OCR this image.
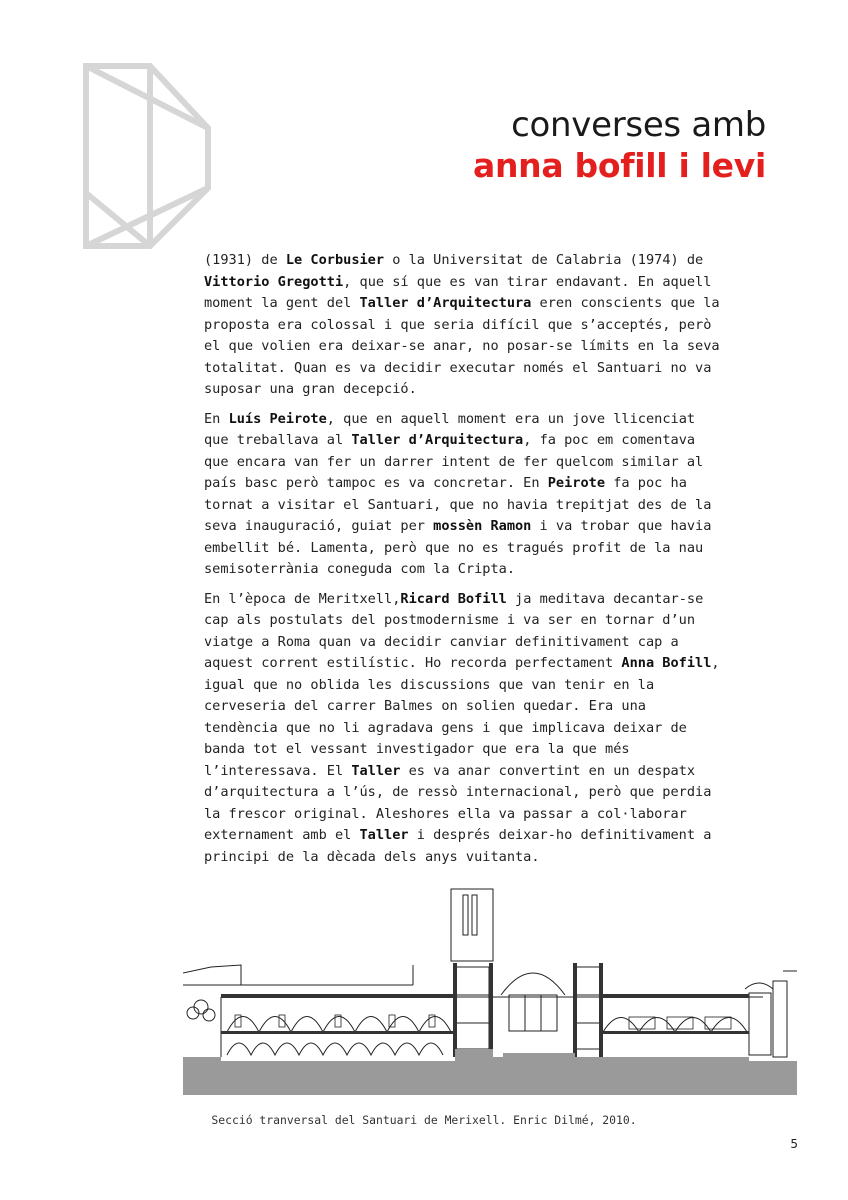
converses amb
anna bofill i levi

(1931) de Le Corbusier o la Universitat de Calabria (1974) de
Vittorio Gregotti, que sí que es van tirar endavant. En aquell
moment la gent del Taller d’Arquitectura eren conscients que la
proposta era colossal i que seria difícil que s’acceptés, però
el que volien era deixar-se anar, no posar-se límits en la seva
totalitat. Quan es va decidir executar només el Santuari no va
suposar una gran decepció.

En Luís Peirote, que en aquell moment era un jove llicenciat
que treballava al Taller d’Arquitectura, fa poc em comentava
que encara van fer un darrer intent de fer quelcom similar al
país basc però tampoc es va concretar. En Peirote fa poc ha
tornat a visitar el Santuari, que no havia trepitjat des de la
seva inauguració, guiat per mossèn Ramon i va trobar que havia
embellit bé. Lamenta, però que no es tragués profit de la nau
semisoterrània coneguda com la Cripta.

En l’època de Meritxell,Ricard Bofill ja meditava decantar-se
cap als postulats del postmodernisme i va ser en tornar d’un
viatge a Roma quan va decidir canviar definitivament cap a
aquest corrent estilístic. Ho recorda perfectament Anna Bofill,
igual que no oblida les discussions que van tenir en la
cerveseria del carrer Balmes on solien quedar. Era una
tendència que no li agradava gens i que implicava deixar de
banda tot el vessant investigador que era la que més
l’interessava. El Taller es va anar convertint en un despatx
d’arquitectura a l’ús, de ressò internacional, però que perdia
la frescor original. Aleshores ella va passar a col·laborar
externament amb el Taller i després deixar-ho definitivament a
principi de la dècada dels anys vuitanta.

Secció tranversal del Santuari de Merixell. Enric Dilmé, 2010.
5
